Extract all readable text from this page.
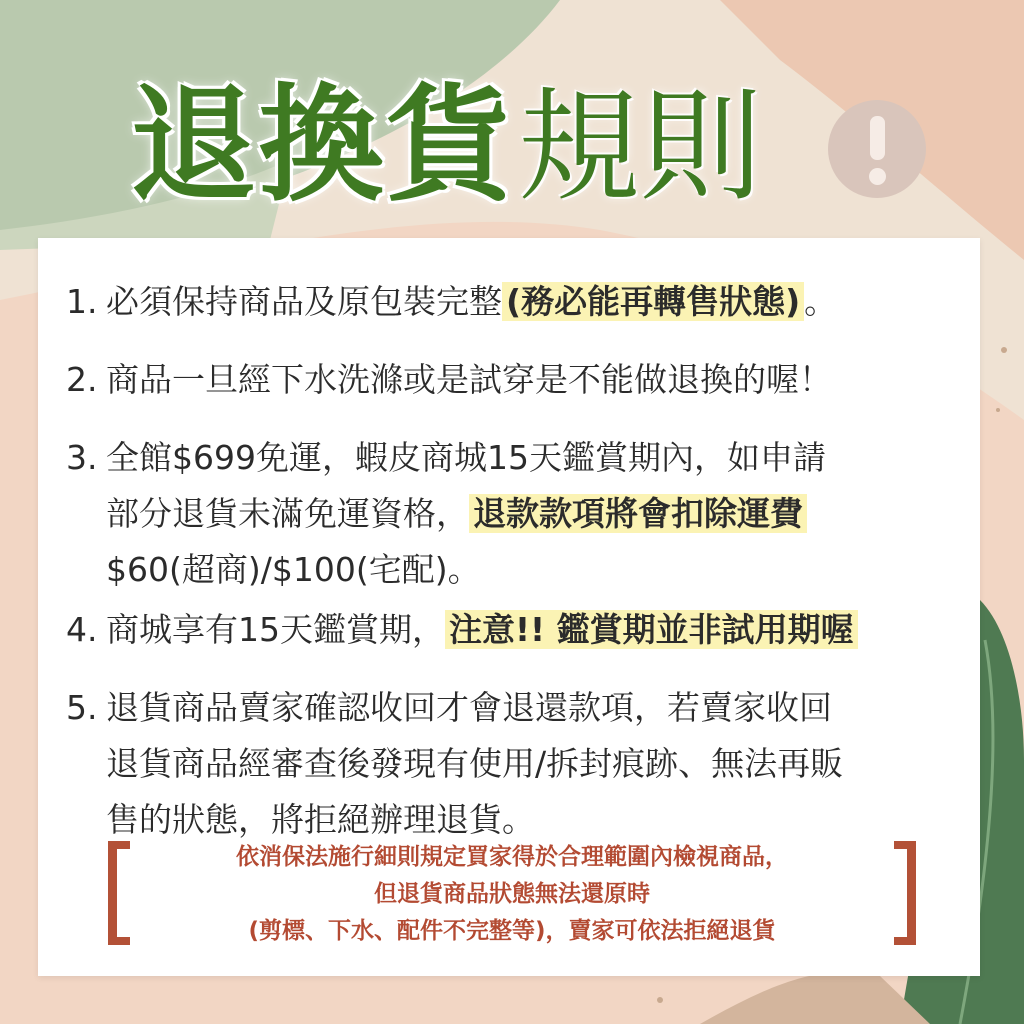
退換貨 規則
1. 必須保持商品及原包裝完整 (務必能再轉售狀態) 。
2. 商品一旦經下水洗滌或是試穿是不能做退換的喔！
3. 全館$699免運，蝦皮商城15天鑑賞期內，如申請
部分退貨未滿免運資格， 退款款項將會扣除運費
$60(超商)/$100(宅配)。
4. 商城享有15天鑑賞期， 注意!! 鑑賞期並非試用期喔
5. 退貨商品賣家確認收回才會退還款項，若賣家收回
退貨商品經審查後發現有使用/拆封痕跡、無法再販
售的狀態，將拒絕辦理退貨。
依消保法施行細則規定買家得於合理範圍內檢視商品，
但退貨商品狀態無法還原時
(剪標、下水、配件不完整等)，賣家可依法拒絕退貨
